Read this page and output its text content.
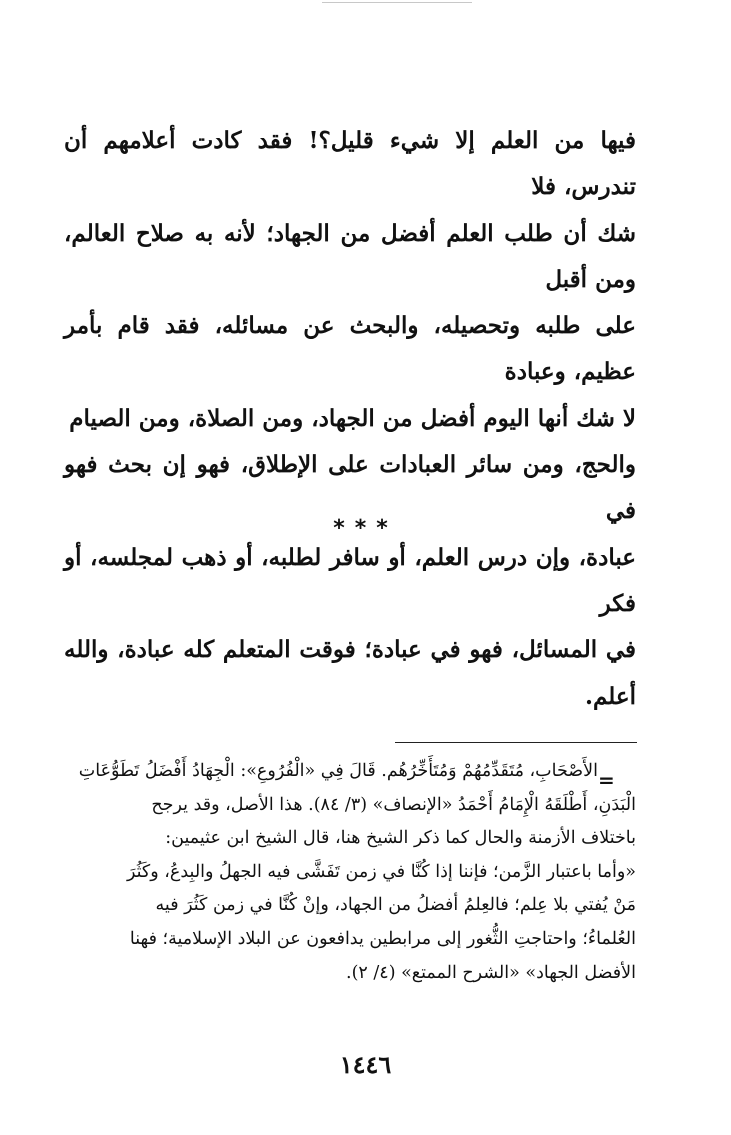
فيها من العلم إلا شيء قليل؟! فقد كادت أعلامهم أن تندرس، فلا

شك أن طلب العلم أفضل من الجهاد؛ لأنه به صلاح العالم، ومن أقبل

على طلبه وتحصيله، والبحث عن مسائله، فقد قام بأمر عظيم، وعبادة

لا شك أنها اليوم أفضل من الجهاد، ومن الصلاة، ومن الصيام

والحج، ومن سائر العبادات على الإطلاق، فهو إن بحث فهو في

عبادة، وإن درس العلم، أو سافر لطلبه، أو ذهب لمجلسه، أو فكر

في المسائل، فهو في عبادة؛ فوقت المتعلم كله عبادة، والله أعلم.

***
=

الأَصْحَابِ، مُتَقَدِّمُهُمْ وَمُتَأَخِّرُهُم. قَالَ فِي «الْفُرُوعِ»: الْجِهَادُ أَفْضَلُ تَطَوُّعَاتِ

الْبَدَنِ، أَطْلَقَهُ الْإِمَامُ أَحْمَدُ «الإنصاف» (٣/ ٨٤). هذا الأصل، وقد يرجح

باختلاف الأزمنة والحال كما ذكر الشيخ هنا، قال الشيخ ابن عثيمين:

«وأما باعتبار الزَّمن؛ فإننا إذا كُنَّا في زمن تَفَشَّى فيه الجهلُ والبِدعُ، وكَثُرَ

مَنْ يُفتي بلا عِلم؛ فالعِلمُ أفضلُ من الجهاد، وإنْ كُنَّا في زمن كَثُرَ فيه

العُلماءُ؛ واحتاجتِ الثُّغور إلى مرابطين يدافعون عن البلاد الإسلامية؛ فهنا

الأفضل الجهاد» «الشرح الممتع» (٤/ ٢).

١٤٤٦
